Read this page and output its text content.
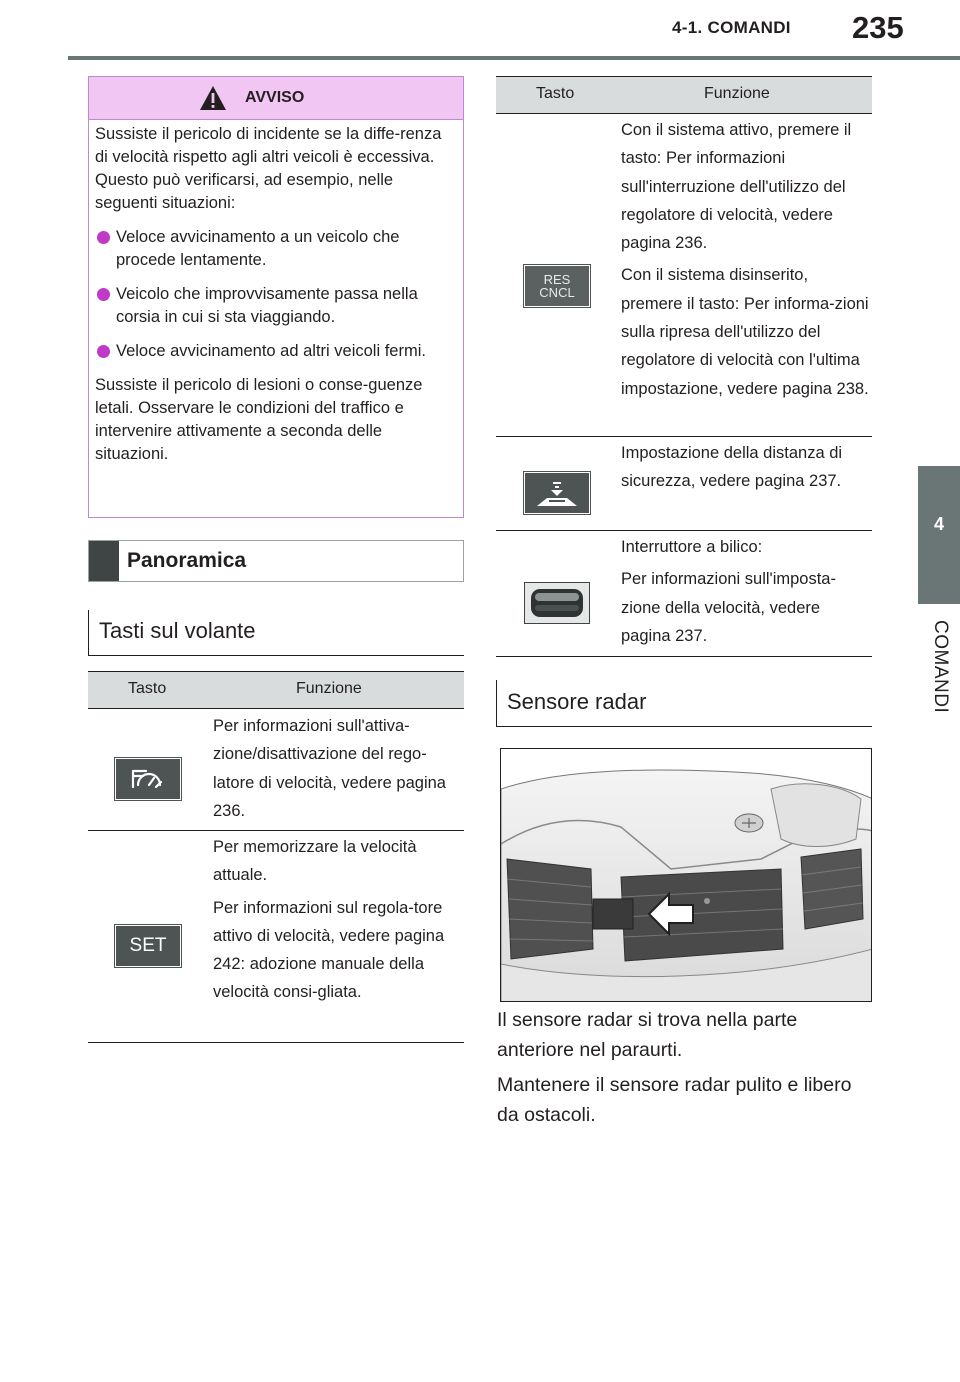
4-1. COMANDI 235
4
COMANDI
AVVISO

Sussiste il pericolo di incidente se la diffe-renza di velocità rispetto agli altri veicoli è eccessiva. Questo può verificarsi, ad esempio, nelle seguenti situazioni:

Veloce avvicinamento a un veicolo che procede lentamente.

Veicolo che improvvisamente passa nella corsia in cui si sta viaggiando.

Veloce avvicinamento ad altri veicoli fermi.

Sussiste il pericolo di lesioni o conse-guenze letali. Osservare le condizioni del traffico e intervenire attivamente a seconda delle situazioni.

Panoramica
Tasti sul volante
Tasto	Funzione

Per informazioni sull'attiva-zione/disattivazione del rego-latore di velocità, vedere pagina 236.

SET

Per memorizzare la velocità attuale.

Per informazioni sul regola-tore attivo di velocità, vedere pagina 242: adozione manuale della velocità consi-gliata.

Tasto	Funzione
RES
CNCL

Con il sistema attivo, premere il tasto: Per informazioni sull'interruzione dell'utilizzo del regolatore di velocità, vedere pagina 236.

Con il sistema disinserito, premere il tasto: Per informa-zioni sulla ripresa dell'utilizzo del regolatore di velocità con l'ultima impostazione, vedere pagina 238.

Impostazione della distanza di sicurezza, vedere pagina 237.

Interruttore a bilico:

Per informazioni sull'imposta-zione della velocità, vedere pagina 237.

Sensore radar

Il sensore radar si trova nella parte anteriore nel paraurti.

Mantenere il sensore radar pulito e libero da ostacoli.
